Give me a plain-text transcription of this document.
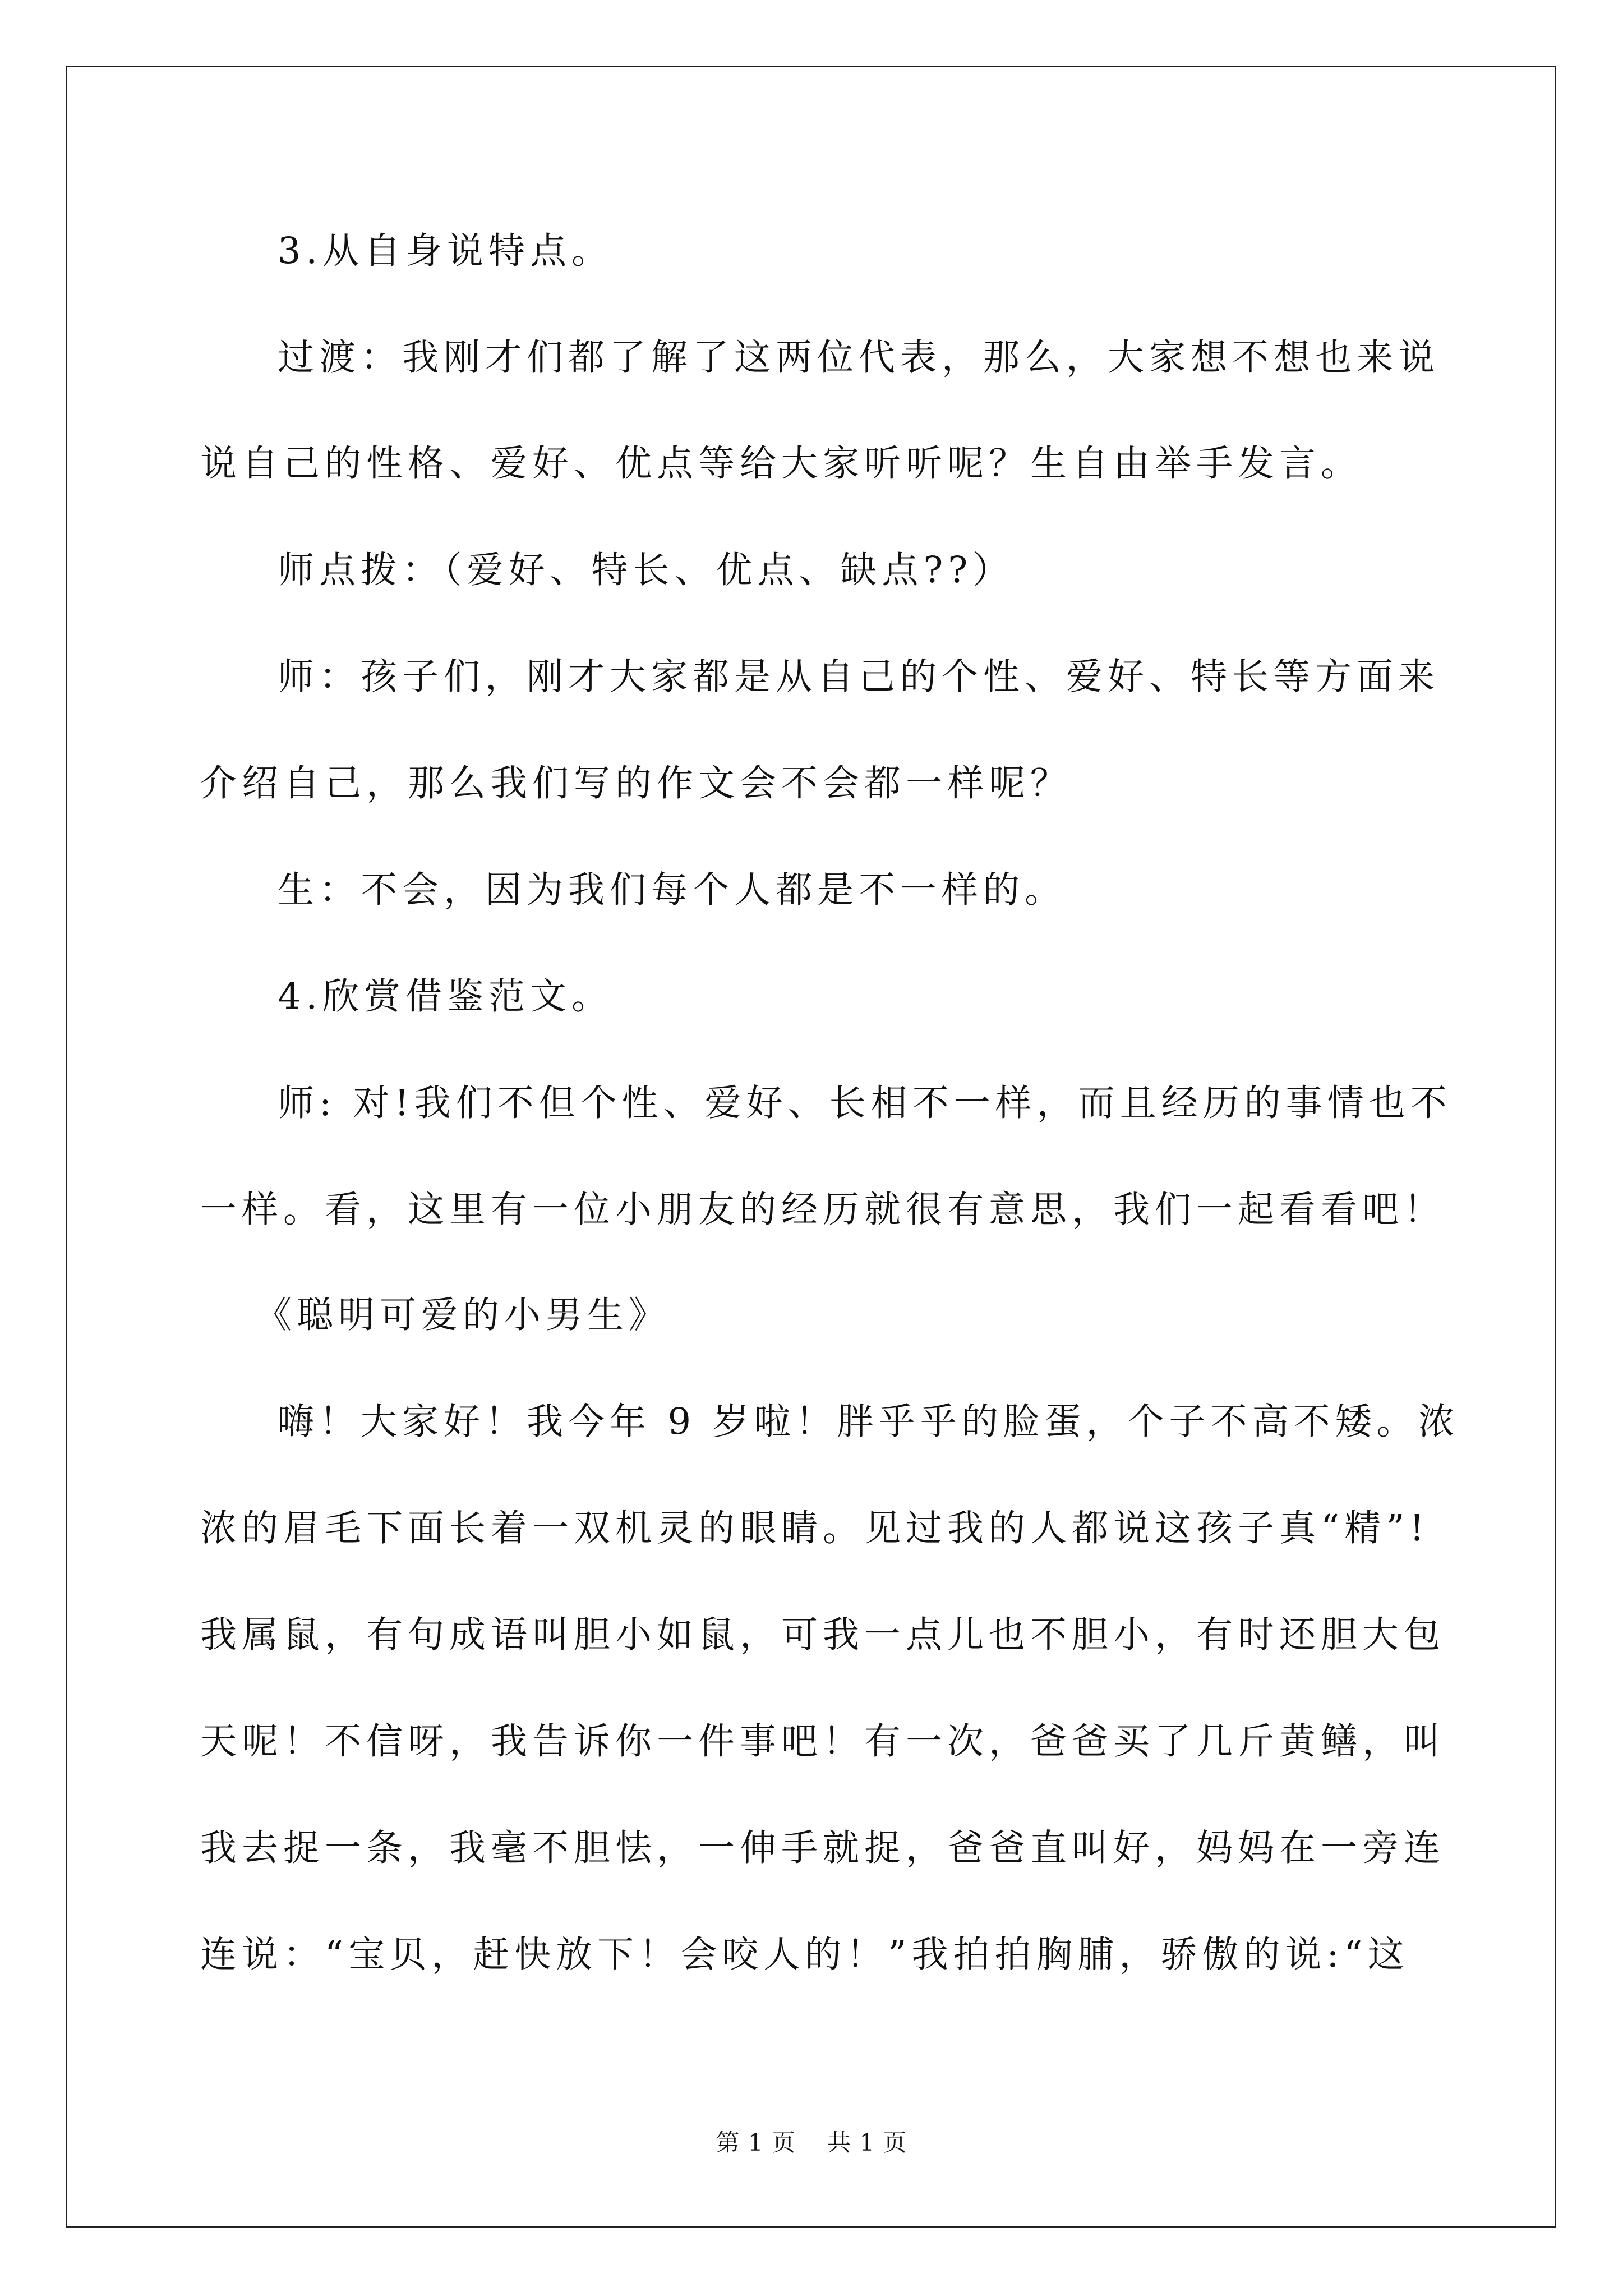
3.从自身说特点。
过渡：我刚才们都了解了这两位代表，那么，大家想不想也来说
说自己的性格、爱好、优点等给大家听听呢？生自由举手发言。
师点拨：（爱好、特长、优点、缺点??）
师：孩子们，刚才大家都是从自己的个性、爱好、特长等方面来
介绍自己，那么我们写的作文会不会都一样呢？
生：不会，因为我们每个人都是不一样的。
4.欣赏借鉴范文。
师: 对!我们不但个性、爱好、长相不一样，而且经历的事情也不
一样。看，这里有一位小朋友的经历就很有意思，我们一起看看吧！
《聪明可爱的小男生》
嗨！大家好！我今年 9 岁啦！胖乎乎的脸蛋，个子不高不矮。浓
浓的眉毛下面长着一双机灵的眼睛。见过我的人都说这孩子真“精”!
我属鼠，有句成语叫胆小如鼠，可我一点儿也不胆小，有时还胆大包
天呢！不信呀，我告诉你一件事吧！有一次，爸爸买了几斤黄鳝，叫
我去捉一条，我毫不胆怯，一伸手就捉，爸爸直叫好，妈妈在一旁连
连说：“宝贝，赶快放下！会咬人的！”我拍拍胸脯，骄傲的说:“这
第 1 页 共 1 页
